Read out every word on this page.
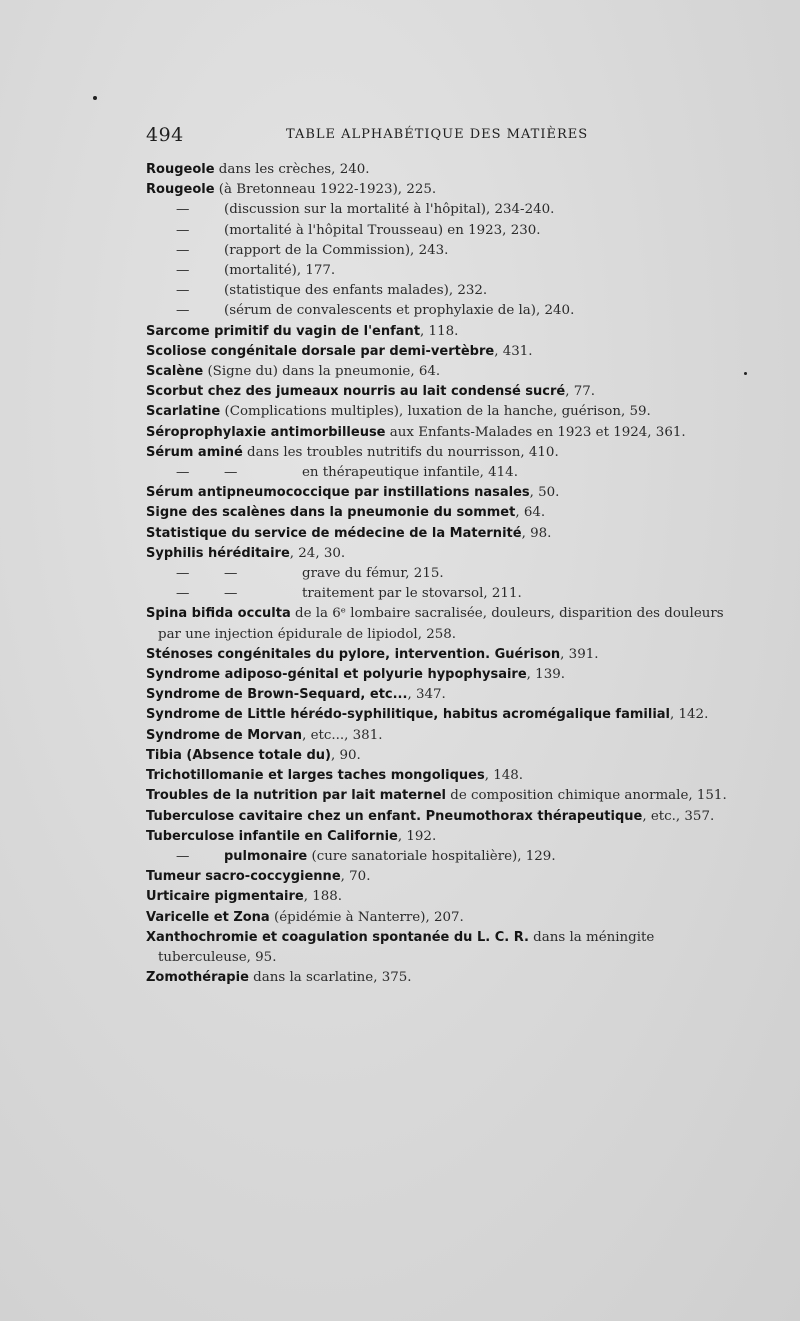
494	TABLE ALPHABÉTIQUE DES MATIÈRES

Rougeole dans les crèches, 240.

Rougeole (à Bretonneau 1922-1923), 225.

—	(discussion sur la mortalité à l'hôpital), 234-240.

—	(mortalité à l'hôpital Trousseau) en 1923, 230.

—	(rapport de la Commission), 243.

—	(mortalité), 177.

—	(statistique des enfants malades), 232.

—	(sérum de convalescents et prophylaxie de la), 240.

Sarcome primitif du vagin de l'enfant, 118.

Scoliose congénitale dorsale par demi-vertèbre, 431.

Scalène (Signe du) dans la pneumonie, 64.

Scorbut chez des jumeaux nourris au lait condensé sucré, 77.

Scarlatine (Complications multiples), luxation de la hanche, guérison, 59.

Séroprophylaxie antimorbilleuse aux Enfants-Malades en 1923 et 1924, 361.

Sérum aminé dans les troubles nutritifs du nourrisson, 410.

—	—	en thérapeutique infantile, 414.

Sérum antipneumococcique par instillations nasales, 50.

Signe des scalènes dans la pneumonie du sommet, 64.

Statistique du service de médecine de la Maternité, 98.

Syphilis héréditaire, 24, 30.

—	—	grave du fémur, 215.

—	—	traitement par le stovarsol, 211.

Spina bifida occulta de la 6ᵉ lombaire sacralisée, douleurs, disparition des douleurs par une injection épidurale de lipiodol, 258.

Sténoses congénitales du pylore, intervention. Guérison, 391.

Syndrome adiposo-génital et polyurie hypophysaire, 139.

Syndrome de Brown-Sequard, etc..., 347.

Syndrome de Little hérédo-syphilitique, habitus acromégalique familial, 142.

Syndrome de Morvan, etc..., 381.

Tibia (Absence totale du), 90.

Trichotillomanie et larges taches mongoliques, 148.

Troubles de la nutrition par lait maternel de composition chimique anormale, 151.

Tuberculose cavitaire chez un enfant. Pneumothorax thérapeutique, etc., 357.

Tuberculose infantile en Californie, 192.

—	pulmonaire (cure sanatoriale hospitalière), 129.

Tumeur sacro-coccygienne, 70.

Urticaire pigmentaire, 188.

Varicelle et Zona (épidémie à Nanterre), 207.

Xanthochromie et coagulation spontanée du L. C. R. dans la méningite tuberculeuse, 95.

Zomothérapie dans la scarlatine, 375.
